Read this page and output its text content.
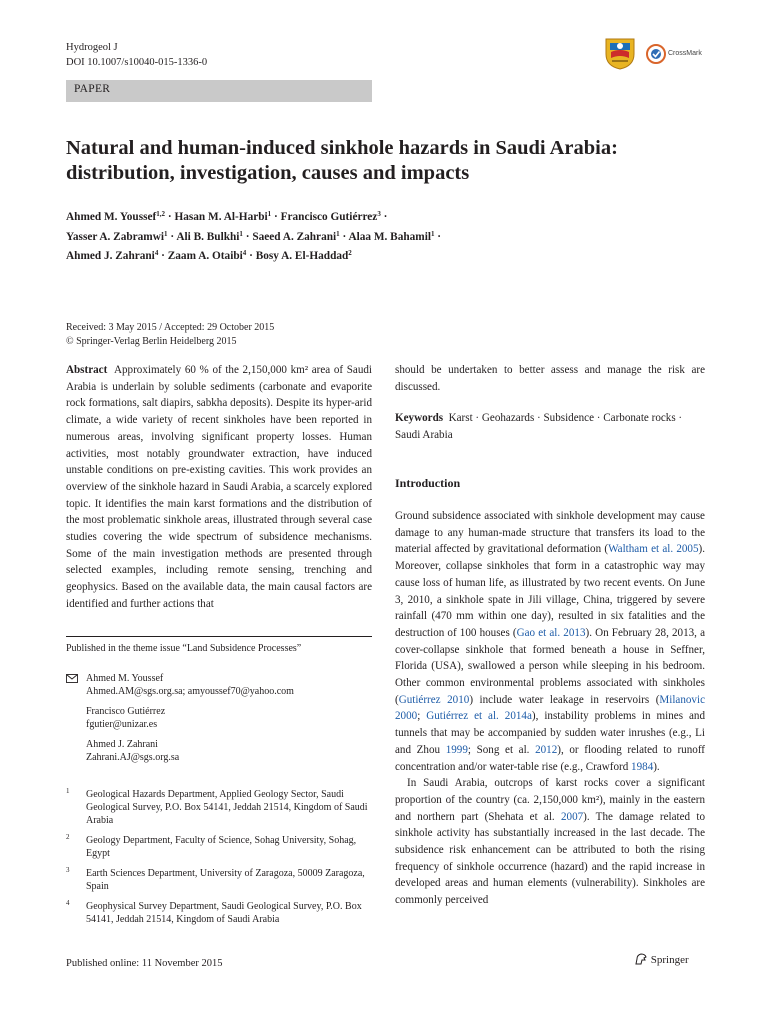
Hydrogeol J
DOI 10.1007/s10040-015-1336-0
CrossMark
PAPER
Natural and human-induced sinkhole hazards in Saudi Arabia:
distribution, investigation, causes and impacts
Ahmed M. Youssef$^{1,2}$ · Hasan M. Al-Harbi$^1$ · Francisco Gutiérrez$^3$ ·
Yasser A. Zabramwi$^1$ · Ali B. Bulkhi$^1$ · Saeed A. Zahrani$^1$ · Alaa M. Bahamil$^1$ ·
Ahmed J. Zahrani$^4$ · Zaam A. Otaibi$^4$ · Bosy A. El-Haddad$^2$
Received: 3 May 2015 / Accepted: 29 October 2015
© Springer-Verlag Berlin Heidelberg 2015

Abstract Approximately 60 % of the 2,150,000 km² area of Saudi Arabia is underlain by soluble sediments (carbonate and evaporite rock formations, salt diapirs, sabkha deposits). Despite its hyper-arid climate, a wide variety of recent sinkholes have been reported in numerous areas, involving significant property losses. Human activities, most notably groundwater extraction, have induced unstable conditions on pre-existing cavities. This work provides an overview of the sinkhole hazard in Saudi Arabia, a scarcely explored topic. It identifies the main karst formations and the distribution of the most problematic sinkhole areas, illustrated through several case studies covering the wide spectrum of subsidence mechanisms. Some of the main investigation methods are presented through selected examples, including remote sensing, trenching and geophysics. Based on the available data, the main causal factors are identified and further actions that

should be undertaken to better assess and manage the risk are discussed.

Keywords Karst · Geohazards · Subsidence · Carbonate rocks · Saudi Arabia
Introduction

Ground subsidence associated with sinkhole development may cause damage to any human-made structure that transfers its load to the material affected by gravitational deformation (Waltham et al. 2005). Moreover, collapse sinkholes that form in a catastrophic way may cause loss of human life, as illustrated by two recent events. On June 3, 2010, a sinkhole spate in Jili village, China, triggered by severe rainfall (470 mm within one day), resulted in six fatalities and the destruction of 100 houses (Gao et al. 2013). On February 28, 2013, a cover-collapse sinkhole that formed beneath a house in Seffner, Florida (USA), swallowed a person while sleeping in his bedroom. Other common environmental problems associated with sinkholes (Gutiérrez 2010) include water leakage in reservoirs (Milanovic 2000; Gutiérrez et al. 2014a), instability problems in mines and tunnels that may be accompanied by sudden water inrushes (e.g., Li and Zhou 1999; Song et al. 2012), or flooding related to runoff concentration and/or water-table rise (e.g., Crawford 1984).

In Saudi Arabia, outcrops of karst rocks cover a significant proportion of the country (ca. 2,150,000 km²), mainly in the eastern and northern part (Shehata et al. 2007). The damage related to sinkhole activity has substantially increased in the last decade. The subsidence risk enhancement can be attributed to both the rising frequency of sinkhole occurrence (hazard) and the rapid increase in developed areas and human elements (vulnerability). Sinkholes are commonly perceived

Published in the theme issue “Land Subsidence Processes”
Ahmed M. Youssef
Ahmed.AM@sgs.org.sa; amyoussef70@yahoo.com
Francisco Gutiérrez
fgutier@unizar.es
Ahmed J. Zahrani
Zahrani.AJ@sgs.org.sa
1 Geological Hazards Department, Applied Geology Sector, Saudi Geological Survey, P.O. Box 54141, Jeddah 21514, Kingdom of Saudi Arabia
2 Geology Department, Faculty of Science, Sohag University, Sohag, Egypt
3 Earth Sciences Department, University of Zaragoza, 50009 Zaragoza, Spain
4 Geophysical Survey Department, Saudi Geological Survey, P.O. Box 54141, Jeddah 21514, Kingdom of Saudi Arabia
Published online: 11 November 2015	Springer
